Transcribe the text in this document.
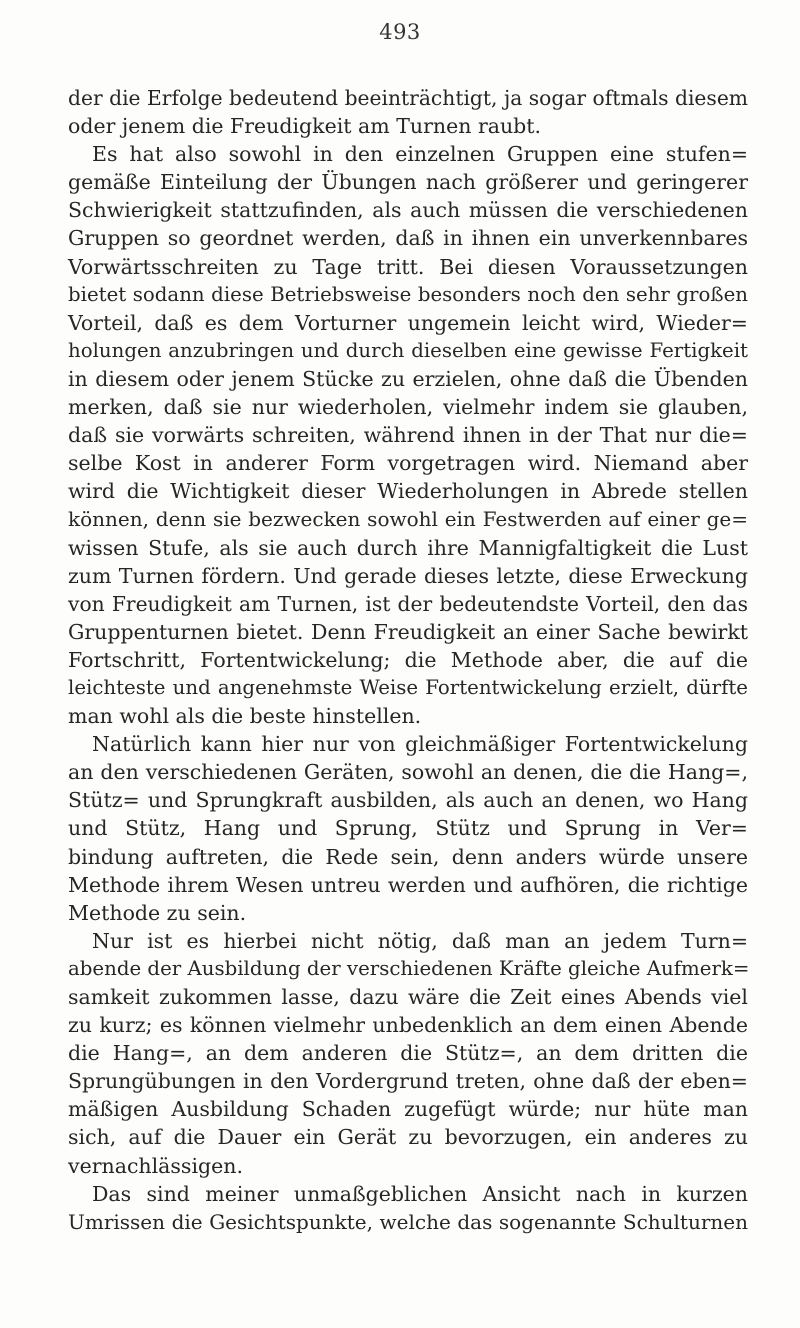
493
der die Erfolge bedeutend beeinträchtigt, ja sogar oftmals diesem
oder jenem die Freudigkeit am Turnen raubt.
Es hat also sowohl in den einzelnen Gruppen eine stufen=
gemäße Einteilung der Übungen nach größerer und geringerer
Schwierigkeit stattzufinden, als auch müssen die verschiedenen
Gruppen so geordnet werden, daß in ihnen ein unverkennbares
Vorwärtsschreiten zu Tage tritt. Bei diesen Voraussetzungen
bietet sodann diese Betriebsweise besonders noch den sehr großen
Vorteil, daß es dem Vorturner ungemein leicht wird, Wieder=
holungen anzubringen und durch dieselben eine gewisse Fertigkeit
in diesem oder jenem Stücke zu erzielen, ohne daß die Übenden
merken, daß sie nur wiederholen, vielmehr indem sie glauben,
daß sie vorwärts schreiten, während ihnen in der That nur die=
selbe Kost in anderer Form vorgetragen wird. Niemand aber
wird die Wichtigkeit dieser Wiederholungen in Abrede stellen
können, denn sie bezwecken sowohl ein Festwerden auf einer ge=
wissen Stufe, als sie auch durch ihre Mannigfaltigkeit die Lust
zum Turnen fördern. Und gerade dieses letzte, diese Erweckung
von Freudigkeit am Turnen, ist der bedeutendste Vorteil, den das
Gruppenturnen bietet. Denn Freudigkeit an einer Sache bewirkt
Fortschritt, Fortentwickelung; die Methode aber, die auf die
leichteste und angenehmste Weise Fortentwickelung erzielt, dürfte
man wohl als die beste hinstellen.
Natürlich kann hier nur von gleichmäßiger Fortentwickelung
an den verschiedenen Geräten, sowohl an denen, die die Hang=,
Stütz= und Sprungkraft ausbilden, als auch an denen, wo Hang
und Stütz, Hang und Sprung, Stütz und Sprung in Ver=
bindung auftreten, die Rede sein, denn anders würde unsere
Methode ihrem Wesen untreu werden und aufhören, die richtige
Methode zu sein.
Nur ist es hierbei nicht nötig, daß man an jedem Turn=
abende der Ausbildung der verschiedenen Kräfte gleiche Aufmerk=
samkeit zukommen lasse, dazu wäre die Zeit eines Abends viel
zu kurz; es können vielmehr unbedenklich an dem einen Abende
die Hang=, an dem anderen die Stütz=, an dem dritten die
Sprungübungen in den Vordergrund treten, ohne daß der eben=
mäßigen Ausbildung Schaden zugefügt würde; nur hüte man
sich, auf die Dauer ein Gerät zu bevorzugen, ein anderes zu
vernachlässigen.
Das sind meiner unmaßgeblichen Ansicht nach in kurzen
Umrissen die Gesichtspunkte, welche das sogenannte Schulturnen
